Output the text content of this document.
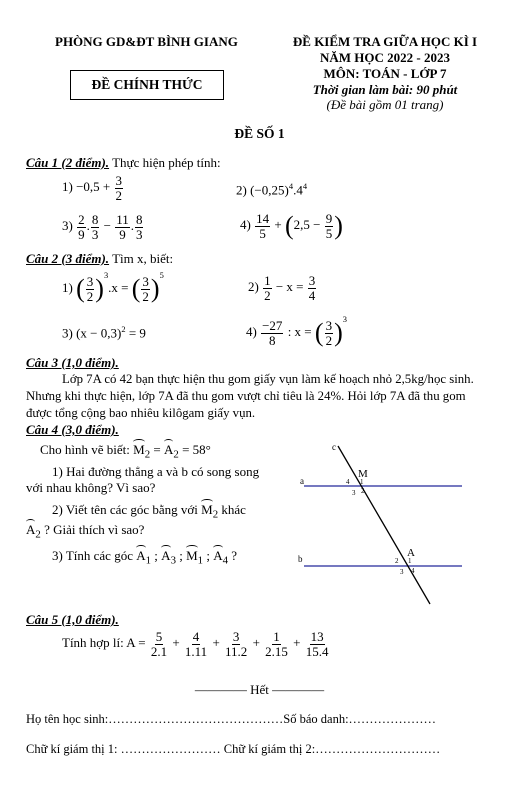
PHÒNG GD&ĐT BÌNH GIANG	ĐỀ KIỂM TRA GIỮA HỌC KÌ I
NĂM HỌC 2022 - 2023
MÔN: TOÁN - LỚP 7
Thời gian làm bài: 90 phút
(Đề bài gồm 01 trang)
ĐỀ CHÍNH THỨC
ĐỀ SỐ 1
Câu 1 (2 điểm). Thực hiện phép tính:
$1) -0,5 + \frac{3}{2}$	2) $(-0,25)^4.4^4$
$3) \frac{2}{9}$ . $\frac{8}{3} - \frac{11}{9}$ . $\frac{8}{3}$	$4) \frac{14}{5} + (2,5 - \frac{9}{5}$ )
Câu 2 (3 điểm). Tìm x, biết:
1) ( $\frac{3}{2} )^3.x$ = ( $\frac{3}{2} )^5$
$2) \frac{1}{2} - x = \frac{3}{4}$
3) $(x - 0,3)^2 = 9$	$4) \frac{-27}{8}$ : x = ( $\frac{3}{2} )^3$
Câu 3 (1,0 điểm).
Lớp 7A có 42 bạn thực hiện thu gom giấy vụn làm kế hoạch nhỏ 2,5kg/học sinh.
Nhưng khi thực hiện, lớp 7A đã thu gom vượt chỉ tiêu là 24%. Hỏi lớp 7A đã thu gom
được tổng cộng bao nhiêu kilôgam giấy vụn.
Câu 4 (3,0 điểm).
Cho hình vẽ biết: $M_2 = A_2 = 58^\circ$
1) Hai đường thẳng a và b có song song
với nhau không? Vì sao?
2) Viết tên các góc bằng với $M_2$ khác
$A_2$ ? Giải thích vì sao?
3) Tính các góc $A_1$ ; $A_3$ ; $M_1$ ; $A_4$ ?
c
a
b
M
A
4 1
3 2
2 1
3 4
Câu 5 (1,0 điểm).
Tính hợp lí: $A = \frac{5}{2.1} + \frac{4}{1.11} + \frac{3}{11.2} + \frac{1}{2.15} + \frac{13}{15.4}$
———— Hết ————
Họ tên học sinh:……………………………………Số báo danh:…………………
Chữ kí giám thị 1: …………………… Chữ kí giám thị 2:…………………………
